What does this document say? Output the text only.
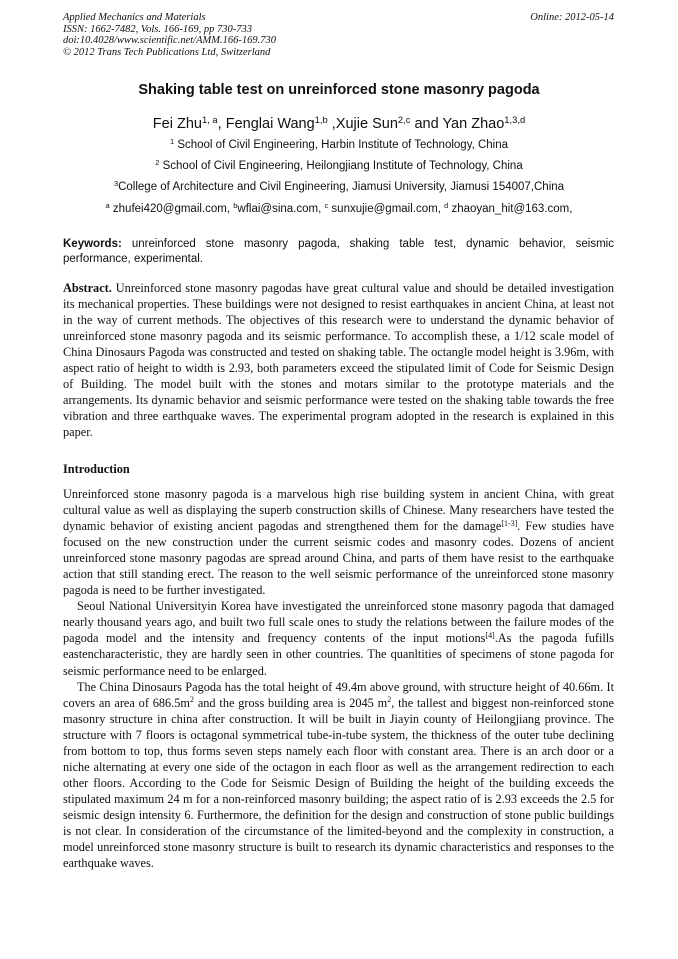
Applied Mechanics and Materials
ISSN: 1662-7482, Vols. 166-169, pp 730-733
doi:10.4028/www.scientific.net/AMM.166-169.730
© 2012 Trans Tech Publications Ltd, Switzerland
Online: 2012-05-14
Shaking table test on unreinforced stone masonry pagoda
Fei Zhu$^{1, a}$, Fenglai Wang$^{1,b}$ ,Xujie Sun$^{2,c}$ and Yan Zhao$^{1,3,d}$
$^1$ School of Civil Engineering, Harbin Institute of Technology, China
$^2$ School of Civil Engineering, Heilongjiang Institute of Technology, China
$^3$College of Architecture and Civil Engineering, Jiamusi University, Jiamusi 154007,China
$^a$ zhufei420@gmail.com, $^b$wflai@sina.com, $^c$ sunxujie@gmail.com, $^d$ zhaoyan_hit@163.com,
Keywords: unreinforced stone masonry pagoda, shaking table test, dynamic behavior, seismic performance, experimental.

Abstract. Unreinforced stone masonry pagodas have great cultural value and should be detailed investigation its mechanical properties. These buildings were not designed to resist earthquakes in ancient China, at least not in the way of current methods. The objectives of this research were to understand the dynamic behavior of unreinforced stone masonry pagoda and its seismic performance. To accomplish these, a 1/12 scale model of China Dinosaurs Pagoda was constructed and tested on shaking table. The octangle model height is 3.96m, with aspect ratio of height to width is 2.93, both parameters exceed the stipulated limit of Code for Seismic Design of Building. The model built with the stones and motars similar to the prototype materials and the arrangements. Its dynamic behavior and seismic performance were tested on the shaking table towards the free vibration and three earthquake waves. The experimental program adopted in the research is explained in this paper.

Introduction

Unreinforced stone masonry pagoda is a marvelous high rise building system in ancient China, with great cultural value as well as displaying the superb construction skills of Chinese. Many researchers have tested the dynamic behavior of existing ancient pagodas and strengthened them for the damage[1-3]. Few studies have focused on the new construction under the current seismic codes and masonry codes. Dozens of ancient unreinforced stone masonry pagodas are spread around China, and parts of them have resist to the earthquake action that still standing erect. The reason to the well seismic performance of the unreinforced stone masonry pagoda is need to be further investigated.

Seoul National Universityin Korea have investigated the unreinforced stone masonry pagoda that damaged nearly thousand years ago, and built two full scale ones to study the relations between the failure modes of the pagoda model and the intensity and frequency contents of the input motions[4].As the pagoda fufills eastencharacteristic, they are hardly seen in other countries. The quanltities of specimens of stone pagoda for seismic performance need to be enlarged.

The China Dinosaurs Pagoda has the total height of 49.4m above ground, with structure height of 40.66m. It covers an area of $686.5m^2$ and the gross building area is 2045 $m^2$, the tallest and biggest non-reinforced stone masonry structure in china after construction. It will be built in Jiayin county of Heilongjiang province. The structure with 7 floors is octagonal symmetrical tube-in-tube system, the thickness of the outer tube declining from bottom to top, thus forms seven steps namely each floor with constant area. There is an arch door or a niche alternating at every one side of the octagon in each floor as well as the arrangement redirection to each other floors. According to the Code for Seismic Design of Building the height of the building exceeds the stipulated maximum 24 m for a non-reinforced masonry building; the aspect ratio of is 2.93 exceeds the 2.5 for seismic design intensity 6. Furthermore, the definition for the design and construction of stone public buildings is not clear. In consideration of the circumstance of the limited-beyond and the complexity in construction, a model unreinforced stone masonry structure is built to research its dynamic characteristics and responses to the earthquake waves.
